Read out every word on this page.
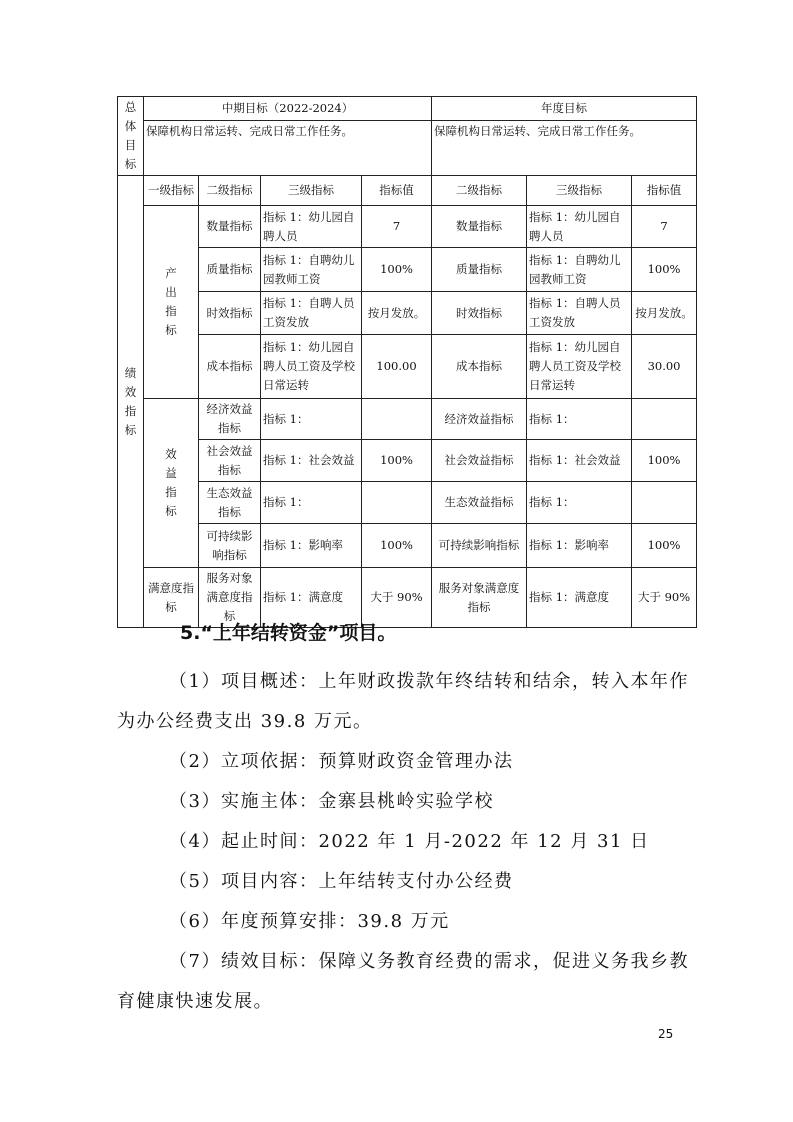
总
体
目
标	中期目标（2022-2024）				年度目标		
	保障机构日常运转、完成日常工作任务。				保障机构日常运转、完成日常工作任务。		

绩
效
指
标	一级指标	二级指标	三级指标	指标值	二级指标	三级指标	指标值

	产
出
指
标	数量指标	指标 1：幼儿园自聘人员	7	数量指标	指标 1：幼儿园自聘人员	7
		质量指标	指标 1：自聘幼儿园教师工资	100%	质量指标	指标 1：自聘幼儿园教师工资	100%
		时效指标	指标 1：自聘人员工资发放	按月发放。	时效指标	指标 1：自聘人员工资发放	按月发放。
		成本指标	指标 1：幼儿园自聘人员工资及学校日常运转	100.00	成本指标	指标 1：幼儿园自聘人员工资及学校日常运转	30.00

	效
益
指
标	经济效益指标	指标 1：		经济效益指标	指标 1：	
		社会效益指标	指标 1：社会效益	100%	社会效益指标	指标 1：社会效益	100%
		生态效益指标	指标 1：		生态效益指标	指标 1：	
		可持续影响指标	指标 1：影响率	100%	可持续影响指标	指标 1：影响率	100%
	满意度指标	服务对象满意度指标	指标 1：满意度	大于 90%	服务对象满意度指标	指标 1：满意度	大于 90%
5.“上年结转资金”项目。
（1）项目概述：上年财政拨款年终结转和结余，转入本年作为办公经费支出 39.8 万元。
（2）立项依据：预算财政资金管理办法
（3）实施主体：金寨县桃岭实验学校
（4）起止时间：2022 年 1 月-2022 年 12 月 31 日
（5）项目内容：上年结转支付办公经费
（6）年度预算安排：39.8 万元
（7）绩效目标：保障义务教育经费的需求，促进义务我乡教育健康快速发展。
25
